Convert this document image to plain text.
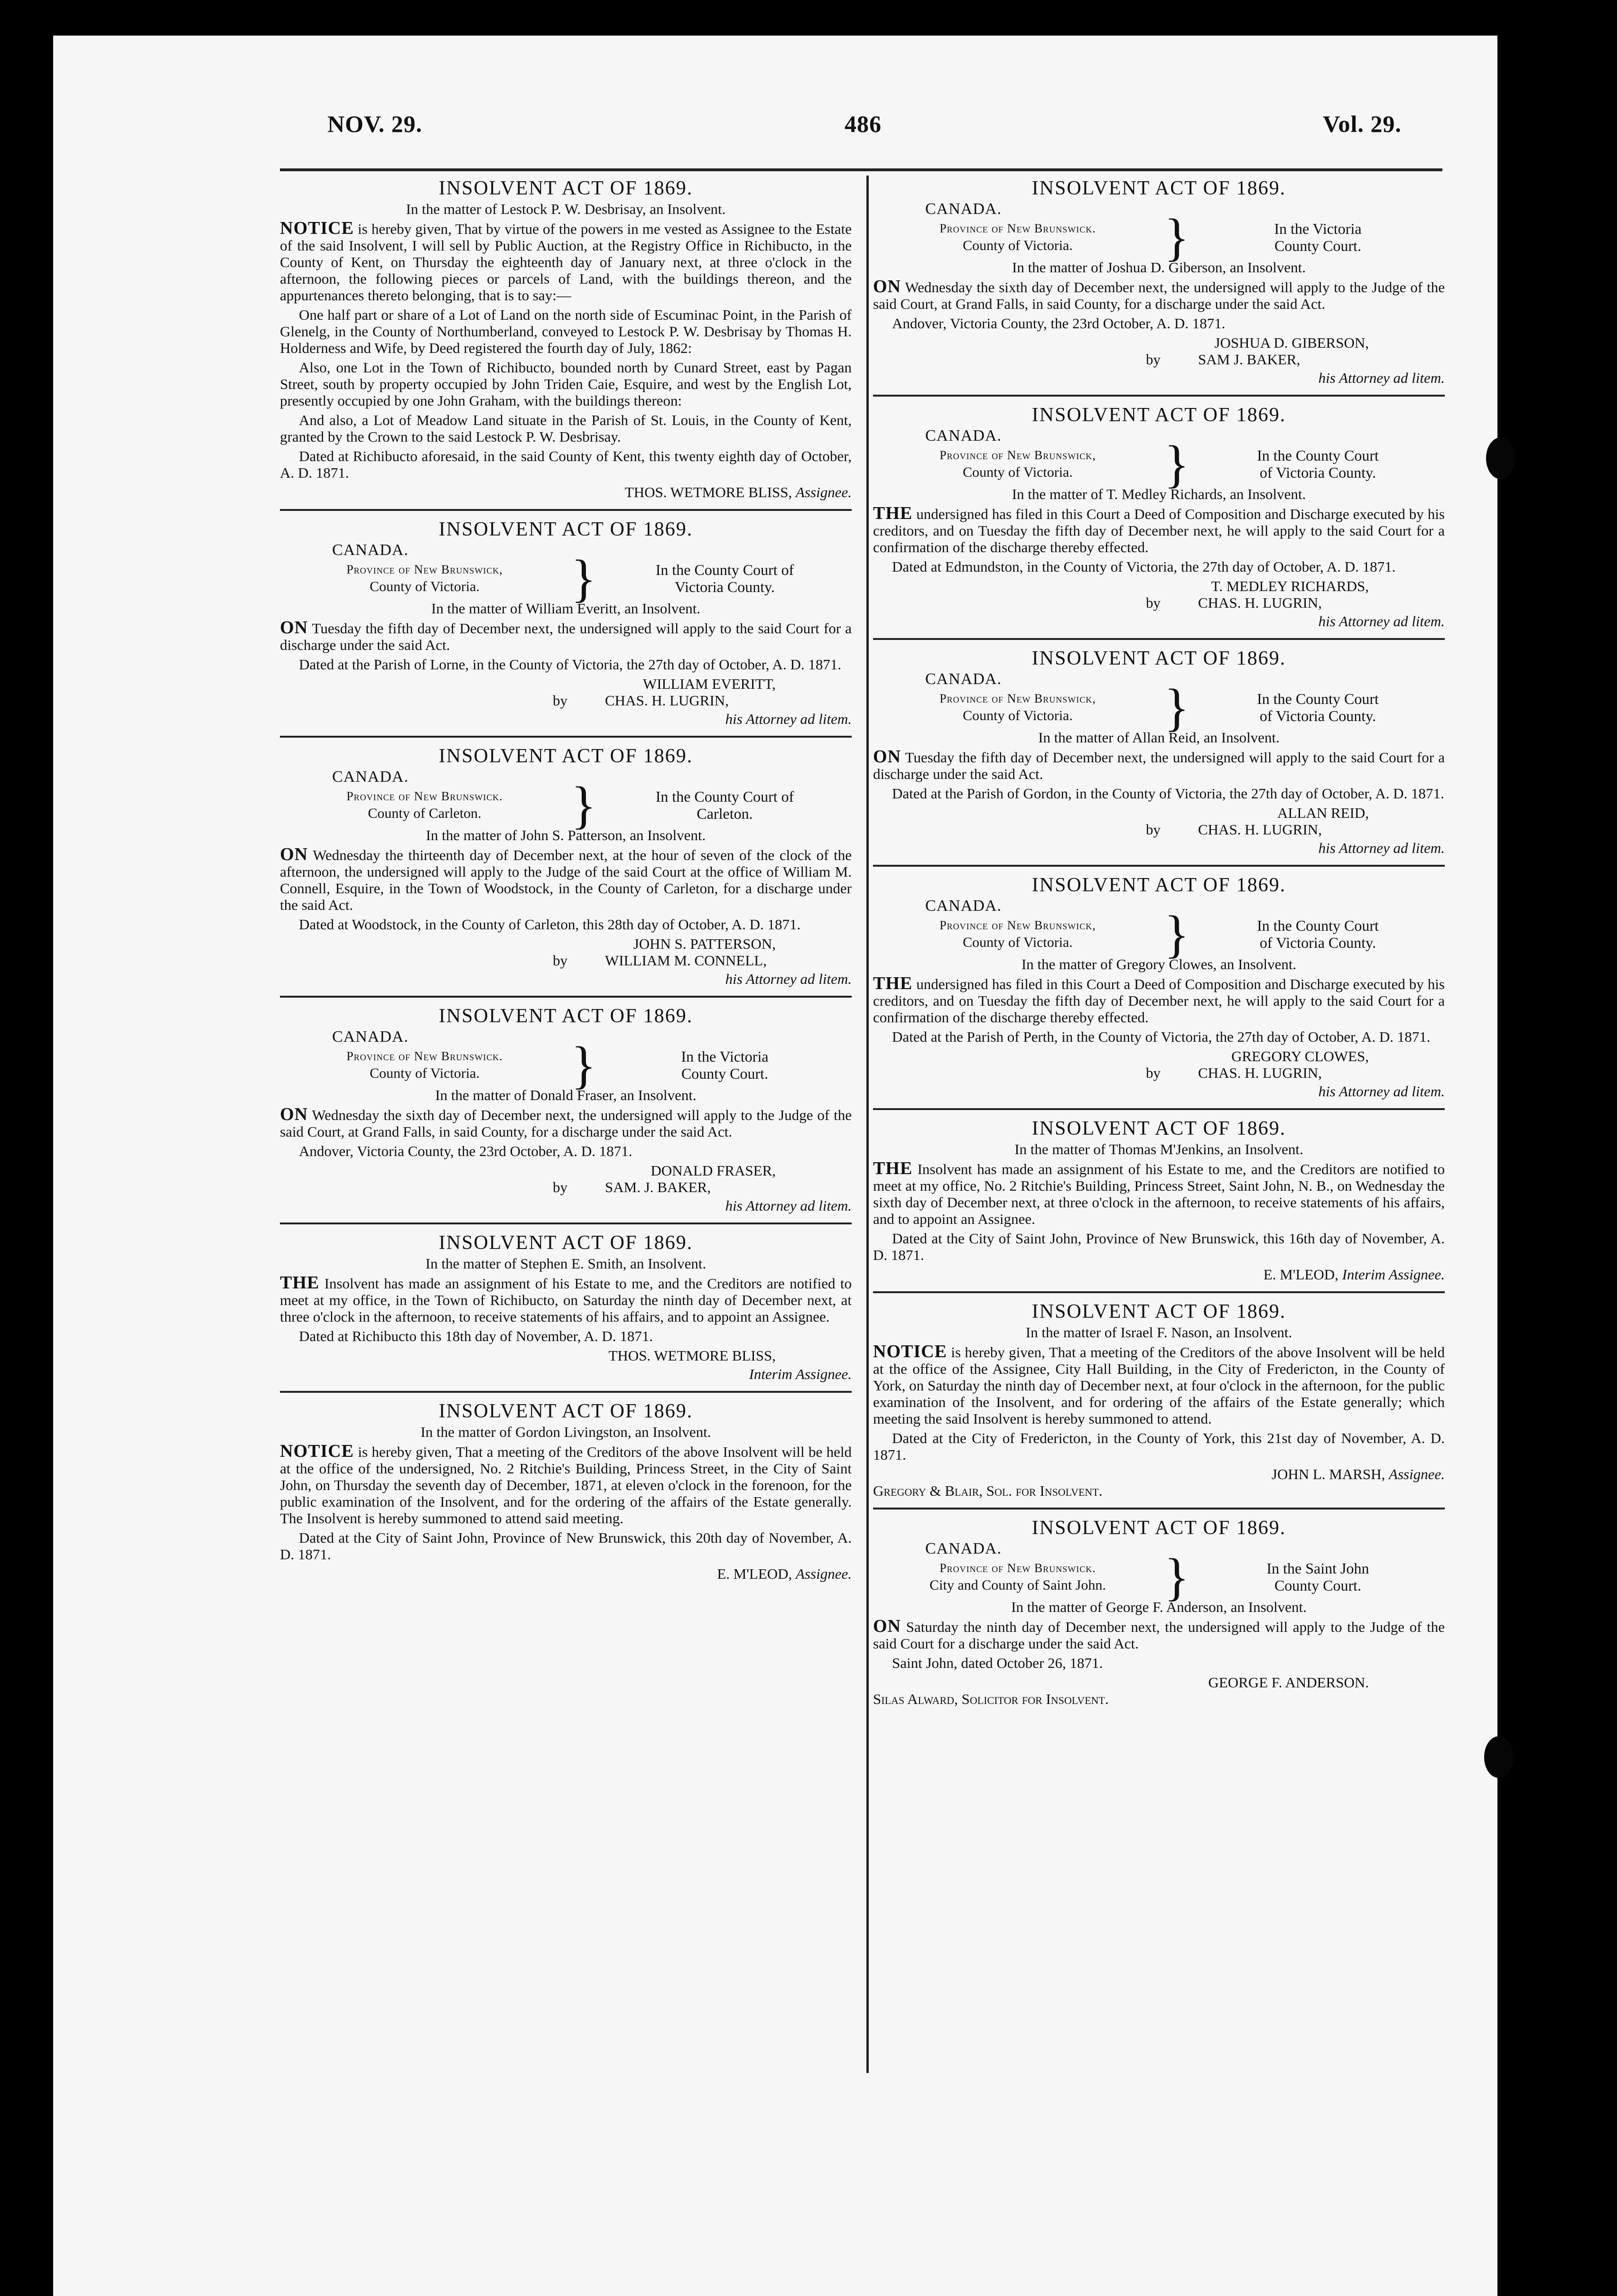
NOV. 29.	486	Vol. 29.
INSOLVENT ACT OF 1869.
In the matter of Lestock P. W. Desbrisay, an Insolvent.

NOTICE is hereby given, That by virtue of the powers in me vested as Assignee to the Estate of the said Insolvent, I will sell by Public Auction, at the Registry Office in Richibucto, in the County of Kent, on Thursday the eighteenth day of January next, at three o'clock in the afternoon, the following pieces or parcels of Land, with the buildings thereon, and the appurtenances thereto belonging, that is to say:—

One half part or share of a Lot of Land on the north side of Escuminac Point, in the Parish of Glenelg, in the County of Northumberland, conveyed to Lestock P. W. Desbrisay by Thomas H. Holderness and Wife, by Deed registered the fourth day of July, 1862:

Also, one Lot in the Town of Richibucto, bounded north by Cunard Street, east by Pagan Street, south by property occupied by John Triden Caie, Esquire, and west by the English Lot, presently occupied by one John Graham, with the buildings thereon:

And also, a Lot of Meadow Land situate in the Parish of St. Louis, in the County of Kent, granted by the Crown to the said Lestock P. W. Desbrisay.

Dated at Richibucto aforesaid, in the said County of Kent, this twenty eighth day of October, A. D. 1871.

THOS. WETMORE BLISS, Assignee.
INSOLVENT ACT OF 1869.
CANADA.
Province of New Brunswick,
County of Victoria.	}	In the County Court of
Victoria County.
In the matter of William Everitt, an Insolvent.

ON Tuesday the fifth day of December next, the undersigned will apply to the said Court for a discharge under the said Act.

Dated at the Parish of Lorne, in the County of Victoria, the 27th day of October, A. D. 1871.

WILLIAM EVERITT,
by	CHAS. H. LUGRIN,
his Attorney ad litem.
INSOLVENT ACT OF 1869.
CANADA.
Province of New Brunswick.
County of Carleton.	}	In the County Court of
Carleton.
In the matter of John S. Patterson, an Insolvent.

ON Wednesday the thirteenth day of December next, at the hour of seven of the clock of the afternoon, the undersigned will apply to the Judge of the said Court at the office of William M. Connell, Esquire, in the Town of Woodstock, in the County of Carleton, for a discharge under the said Act.

Dated at Woodstock, in the County of Carleton, this 28th day of October, A. D. 1871.

JOHN S. PATTERSON,
by	WILLIAM M. CONNELL,
his Attorney ad litem.
INSOLVENT ACT OF 1869.
CANADA.
Province of New Brunswick.
County of Victoria.	}	In the Victoria
County Court.
In the matter of Donald Fraser, an Insolvent.

ON Wednesday the sixth day of December next, the undersigned will apply to the Judge of the said Court, at Grand Falls, in said County, for a discharge under the said Act.

Andover, Victoria County, the 23rd October, A. D. 1871.

DONALD FRASER,
by	SAM. J. BAKER,
his Attorney ad litem.
INSOLVENT ACT OF 1869.
In the matter of Stephen E. Smith, an Insolvent.

THE Insolvent has made an assignment of his Estate to me, and the Creditors are notified to meet at my office, in the Town of Richibucto, on Saturday the ninth day of December next, at three o'clock in the afternoon, to receive statements of his affairs, and to appoint an Assignee.

Dated at Richibucto this 18th day of November, A. D. 1871.

THOS. WETMORE BLISS,
Interim Assignee.
INSOLVENT ACT OF 1869.
In the matter of Gordon Livingston, an Insolvent.

NOTICE is hereby given, That a meeting of the Creditors of the above Insolvent will be held at the office of the undersigned, No. 2 Ritchie's Building, Princess Street, in the City of Saint John, on Thursday the seventh day of December, 1871, at eleven o'clock in the forenoon, for the public examination of the Insolvent, and for the ordering of the affairs of the Estate generally. The Insolvent is hereby summoned to attend said meeting.

Dated at the City of Saint John, Province of New Brunswick, this 20th day of November, A. D. 1871.

E. M'LEOD, Assignee.
INSOLVENT ACT OF 1869.
CANADA.
Province of New Brunswick.
County of Victoria.	}	In the Victoria
County Court.
In the matter of Joshua D. Giberson, an Insolvent.

ON Wednesday the sixth day of December next, the undersigned will apply to the Judge of the said Court, at Grand Falls, in said County, for a discharge under the said Act.

Andover, Victoria County, the 23rd October, A. D. 1871.

JOSHUA D. GIBERSON,
by	SAM J. BAKER,
his Attorney ad litem.
INSOLVENT ACT OF 1869.
CANADA.
Province of New Brunswick,
County of Victoria.	}	In the County Court
of Victoria County.
In the matter of T. Medley Richards, an Insolvent.

THE undersigned has filed in this Court a Deed of Composition and Discharge executed by his creditors, and on Tuesday the fifth day of December next, he will apply to the said Court for a confirmation of the discharge thereby effected.

Dated at Edmundston, in the County of Victoria, the 27th day of October, A. D. 1871.

T. MEDLEY RICHARDS,
by	CHAS. H. LUGRIN,
his Attorney ad litem.
INSOLVENT ACT OF 1869.
CANADA.
Province of New Brunswick,
County of Victoria.	}	In the County Court
of Victoria County.
In the matter of Allan Reid, an Insolvent.

ON Tuesday the fifth day of December next, the undersigned will apply to the said Court for a discharge under the said Act.

Dated at the Parish of Gordon, in the County of Victoria, the 27th day of October, A. D. 1871.

ALLAN REID,
by	CHAS. H. LUGRIN,
his Attorney ad litem.
INSOLVENT ACT OF 1869.
CANADA.
Province of New Brunswick,
County of Victoria.	}	In the County Court
of Victoria County.
In the matter of Gregory Clowes, an Insolvent.

THE undersigned has filed in this Court a Deed of Composition and Discharge executed by his creditors, and on Tuesday the fifth day of December next, he will apply to the said Court for a confirmation of the discharge thereby effected.

Dated at the Parish of Perth, in the County of Victoria, the 27th day of October, A. D. 1871.

GREGORY CLOWES,
by	CHAS. H. LUGRIN,
his Attorney ad litem.
INSOLVENT ACT OF 1869.
In the matter of Thomas M'Jenkins, an Insolvent.

THE Insolvent has made an assignment of his Estate to me, and the Creditors are notified to meet at my office, No. 2 Ritchie's Building, Princess Street, Saint John, N. B., on Wednesday the sixth day of December next, at three o'clock in the afternoon, to receive statements of his affairs, and to appoint an Assignee.

Dated at the City of Saint John, Province of New Brunswick, this 16th day of November, A. D. 1871.

E. M'LEOD, Interim Assignee.
INSOLVENT ACT OF 1869.
In the matter of Israel F. Nason, an Insolvent.

NOTICE is hereby given, That a meeting of the Creditors of the above Insolvent will be held at the office of the Assignee, City Hall Building, in the City of Fredericton, in the County of York, on Saturday the ninth day of December next, at four o'clock in the afternoon, for the public examination of the Insolvent, and for ordering of the affairs of the Estate generally; which meeting the said Insolvent is hereby summoned to attend.

Dated at the City of Fredericton, in the County of York, this 21st day of November, A. D. 1871.

JOHN L. MARSH, Assignee.
Gregory & Blair, Sol. for Insolvent.
INSOLVENT ACT OF 1869.
CANADA.
Province of New Brunswick.
City and County of Saint John.	}	In the Saint John
County Court.
In the matter of George F. Anderson, an Insolvent.

ON Saturday the ninth day of December next, the undersigned will apply to the Judge of the said Court for a discharge under the said Act.

Saint John, dated October 26, 1871.

GEORGE F. ANDERSON.
Silas Alward, Solicitor for Insolvent.
